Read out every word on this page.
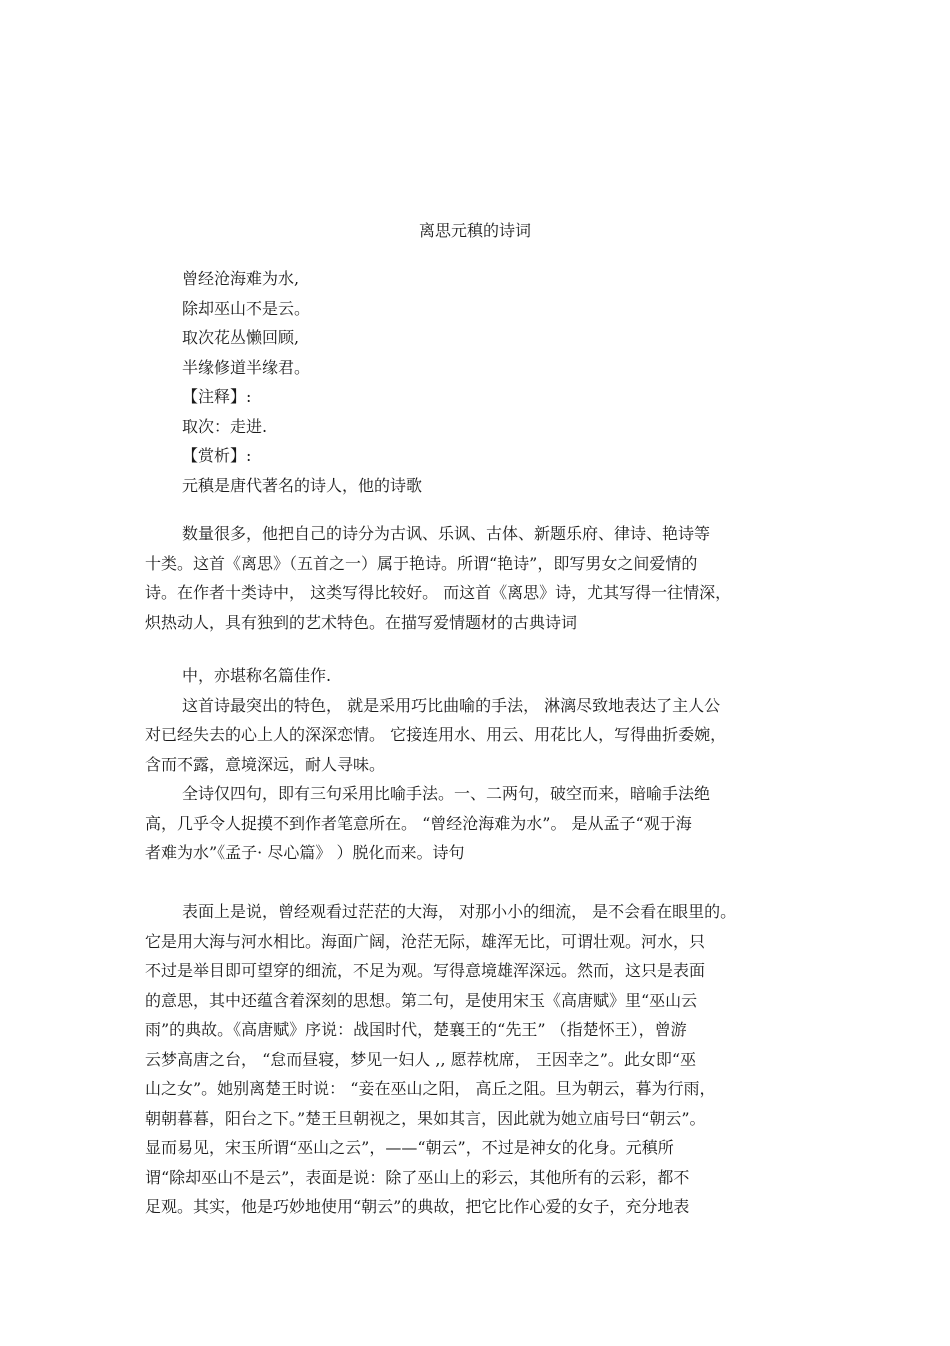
离思元稹的诗词
曾经沧海难为水,
除却巫山不是云。
取次花丛懒回顾,
半缘修道半缘君。
【注释】:
取次：走进.
【赏析】:
元稹是唐代著名的诗人，他的诗歌
数量很多，他把自己的诗分为古讽、乐讽、古体、新题乐府、律诗、艳诗等
十类。这首《离思》（五首之一）属于艳诗。所谓“艳诗”，即写男女之间爱情的
诗。在作者十类诗中， 这类写得比较好。 而这首《离思》诗，尤其写得一往情深，
炽热动人，具有独到的艺术特色。在描写爱情题材的古典诗词
中，亦堪称名篇佳作.
这首诗最突出的特色， 就是采用巧比曲喻的手法， 淋漓尽致地表达了主人公
对已经失去的心上人的深深恋情。 它接连用水、用云、用花比人，写得曲折委婉，
含而不露，意境深远，耐人寻味。
全诗仅四句，即有三句采用比喻手法。一、二两句，破空而来，暗喻手法绝
高，几乎令人捉摸不到作者笔意所在。 “曾经沧海难为水”。 是从孟子“观于海
者难为水”《孟子· 尽心篇》 ）脱化而来。诗句
表面上是说，曾经观看过茫茫的大海， 对那小小的细流， 是不会看在眼里的。
它是用大海与河水相比。海面广阔，沧茫无际，雄浑无比，可谓壮观。河水，只
不过是举目即可望穿的细流，不足为观。写得意境雄浑深远。然而，这只是表面
的意思，其中还蕴含着深刻的思想。第二句，是使用宋玉《高唐赋》里“巫山云
雨”的典故。《高唐赋》序说：战国时代，楚襄王的“先王” （指楚怀王），曾游
云梦高唐之台， “怠而昼寝，梦见一妇人 ,, 愿荐枕席， 王因幸之”。此女即“巫
山之女”。她别离楚王时说： “妾在巫山之阳， 高丘之阻。旦为朝云，暮为行雨，
朝朝暮暮，阳台之下。”楚王旦朝视之，果如其言，因此就为她立庙号曰“朝云”。
显而易见，宋玉所谓“巫山之云”，——“朝云”，不过是神女的化身。元稹所
谓“除却巫山不是云”，表面是说：除了巫山上的彩云，其他所有的云彩，都不
足观。其实，他是巧妙地使用“朝云”的典故，把它比作心爱的女子，充分地表
